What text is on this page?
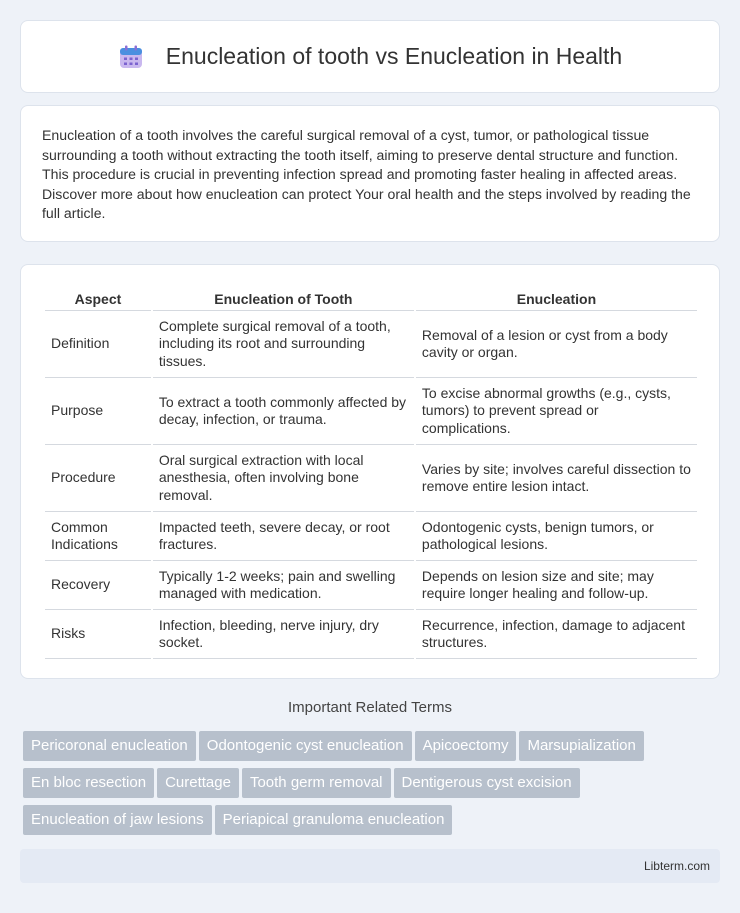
Enucleation of tooth vs Enucleation in Health

Enucleation of a tooth involves the careful surgical removal of a cyst, tumor, or pathological tissue surrounding a tooth without extracting the tooth itself, aiming to preserve dental structure and function. This procedure is crucial in preventing infection spread and promoting faster healing in affected areas. Discover more about how enucleation can protect Your oral health and the steps involved by reading the full article.

Aspect	Enucleation of Tooth	Enucleation
Definition	Complete surgical removal of a tooth, including its root and surrounding tissues.	Removal of a lesion or cyst from a body cavity or organ.
Purpose	To extract a tooth commonly affected by decay, infection, or trauma.	To excise abnormal growths (e.g., cysts, tumors) to prevent spread or complications.
Procedure	Oral surgical extraction with local anesthesia, often involving bone removal.	Varies by site; involves careful dissection to remove entire lesion intact.
Common Indications	Impacted teeth, severe decay, or root fractures.	Odontogenic cysts, benign tumors, or pathological lesions.
Recovery	Typically 1-2 weeks; pain and swelling managed with medication.	Depends on lesion size and site; may require longer healing and follow-up.
Risks	Infection, bleeding, nerve injury, dry socket.	Recurrence, infection, damage to adjacent structures.
Important Related Terms
Pericoronal enucleation Odontogenic cyst enucleation Apicoectomy Marsupialization
En bloc resection Curettage Tooth germ removal Dentigerous cyst excision
Enucleation of jaw lesions Periapical granuloma enucleation
Libterm.com
